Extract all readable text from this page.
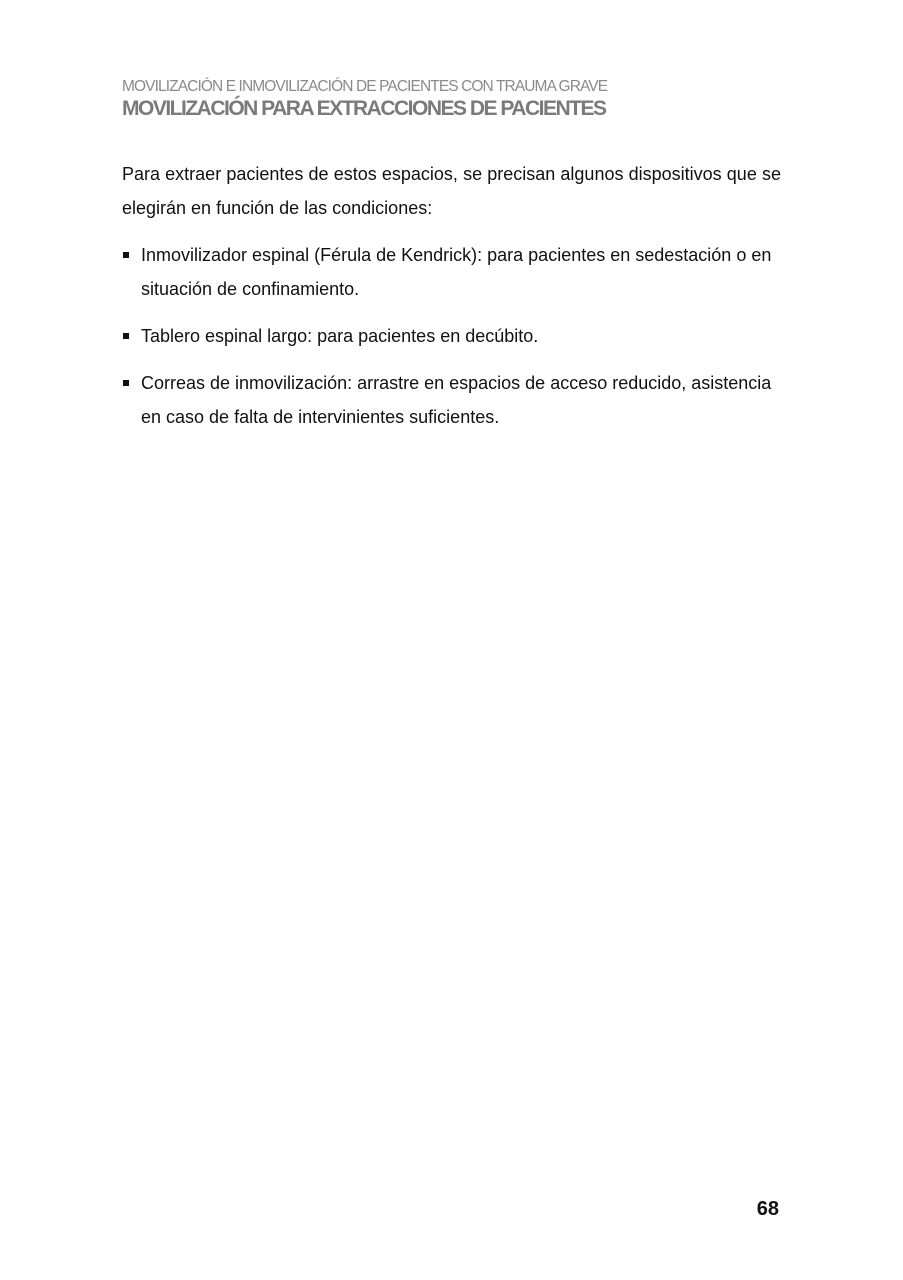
MOVILIZACIÓN E INMOVILIZACIÓN DE PACIENTES CON TRAUMA GRAVE
MOVILIZACIÓN PARA EXTRACCIONES DE PACIENTES

Para extraer pacientes de estos espacios, se precisan algunos dispositivos que se elegirán en función de las condiciones:

Inmovilizador espinal (Férula de Kendrick): para pacientes en sedestación o en situación de confinamiento.
Tablero espinal largo: para pacientes en decúbito.
Correas de inmovilización: arrastre en espacios de acceso reducido, asistencia en caso de falta de intervinientes suficientes.
68
